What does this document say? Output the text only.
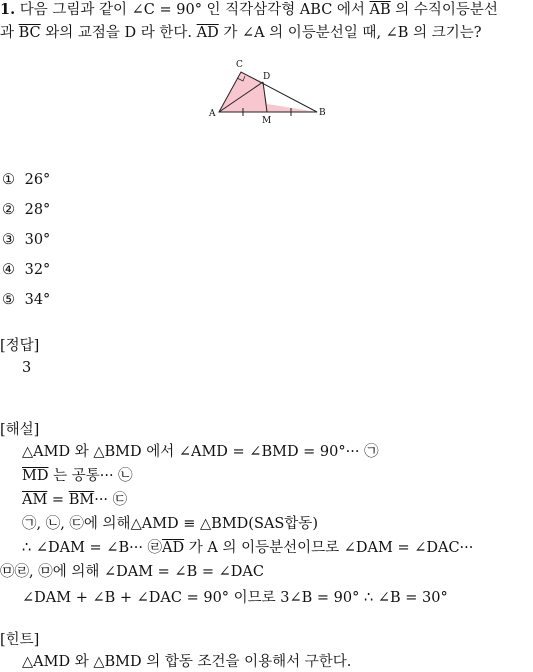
1. 다음 그림과 같이 ∠C = 90° 인 직각삼각형 ABC 에서 $\overline{AB}$ 의 수직이등분선
과 $\overline{BC}$ 와의 교점을 D 라 한다. $\overline{AD}$ 가 ∠A 의 이등분선일 때, ∠B 의 크기는?
C
D
A
M
B
① 26°
② 28°
③ 30°
④ 32°
⑤ 34°
[정답]
3
[해설]
△AMD 와 △BMD 에서 ∠AMD = ∠BMD = 90°··· ㉠
$\overline{MD}$ 는 공통··· ㉡
$\overline{AM} = \overline{BM}\cdot\cdot\cdot$ ㉢
㉠, ㉡, ㉢에 의해△AMD ≡ △BMD(SAS합동)
∴ ∠DAM = ∠B··· $㉣\overline{AD}$ 가 A 의 이등분선이므로 ∠DAM = ∠DAC···
㉤㉣, ㉤에 의해 ∠DAM = ∠B = ∠DAC
∠DAM + ∠B + ∠DAC = 90° 이므로 3∠B = 90° ∴ ∠B = 30°
[힌트]
△AMD 와 △BMD 의 합동 조건을 이용해서 구한다.
